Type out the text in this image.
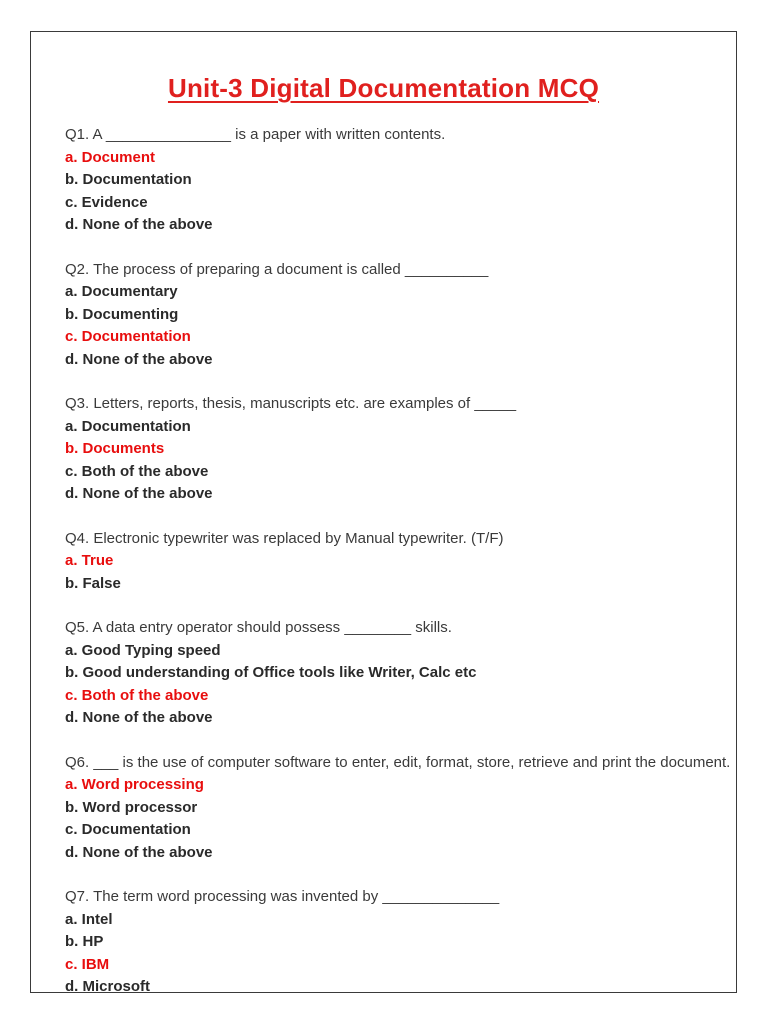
Unit-3 Digital Documentation MCQ
Q1. A _______________ is a paper with written contents.
a. Document
b. Documentation
c. Evidence
d. None of the above
Q2. The process of preparing a document is called __________
a. Documentary
b. Documenting
c. Documentation
d. None of the above
Q3. Letters, reports, thesis, manuscripts etc. are examples of _____
a. Documentation
b. Documents
c. Both of the above
d. None of the above
Q4. Electronic typewriter was replaced by Manual typewriter. (T/F)
a. True
b. False
Q5. A data entry operator should possess ________ skills.
a. Good Typing speed
b. Good understanding of Office tools like Writer, Calc etc
c. Both of the above
d. None of the above
Q6. ___ is the use of computer software to enter, edit, format, store, retrieve and print the document.
a. Word processing
b. Word processor
c. Documentation
d. None of the above
Q7. The term word processing was invented by ______________
a. Intel
b. HP
c. IBM
d. Microsoft
